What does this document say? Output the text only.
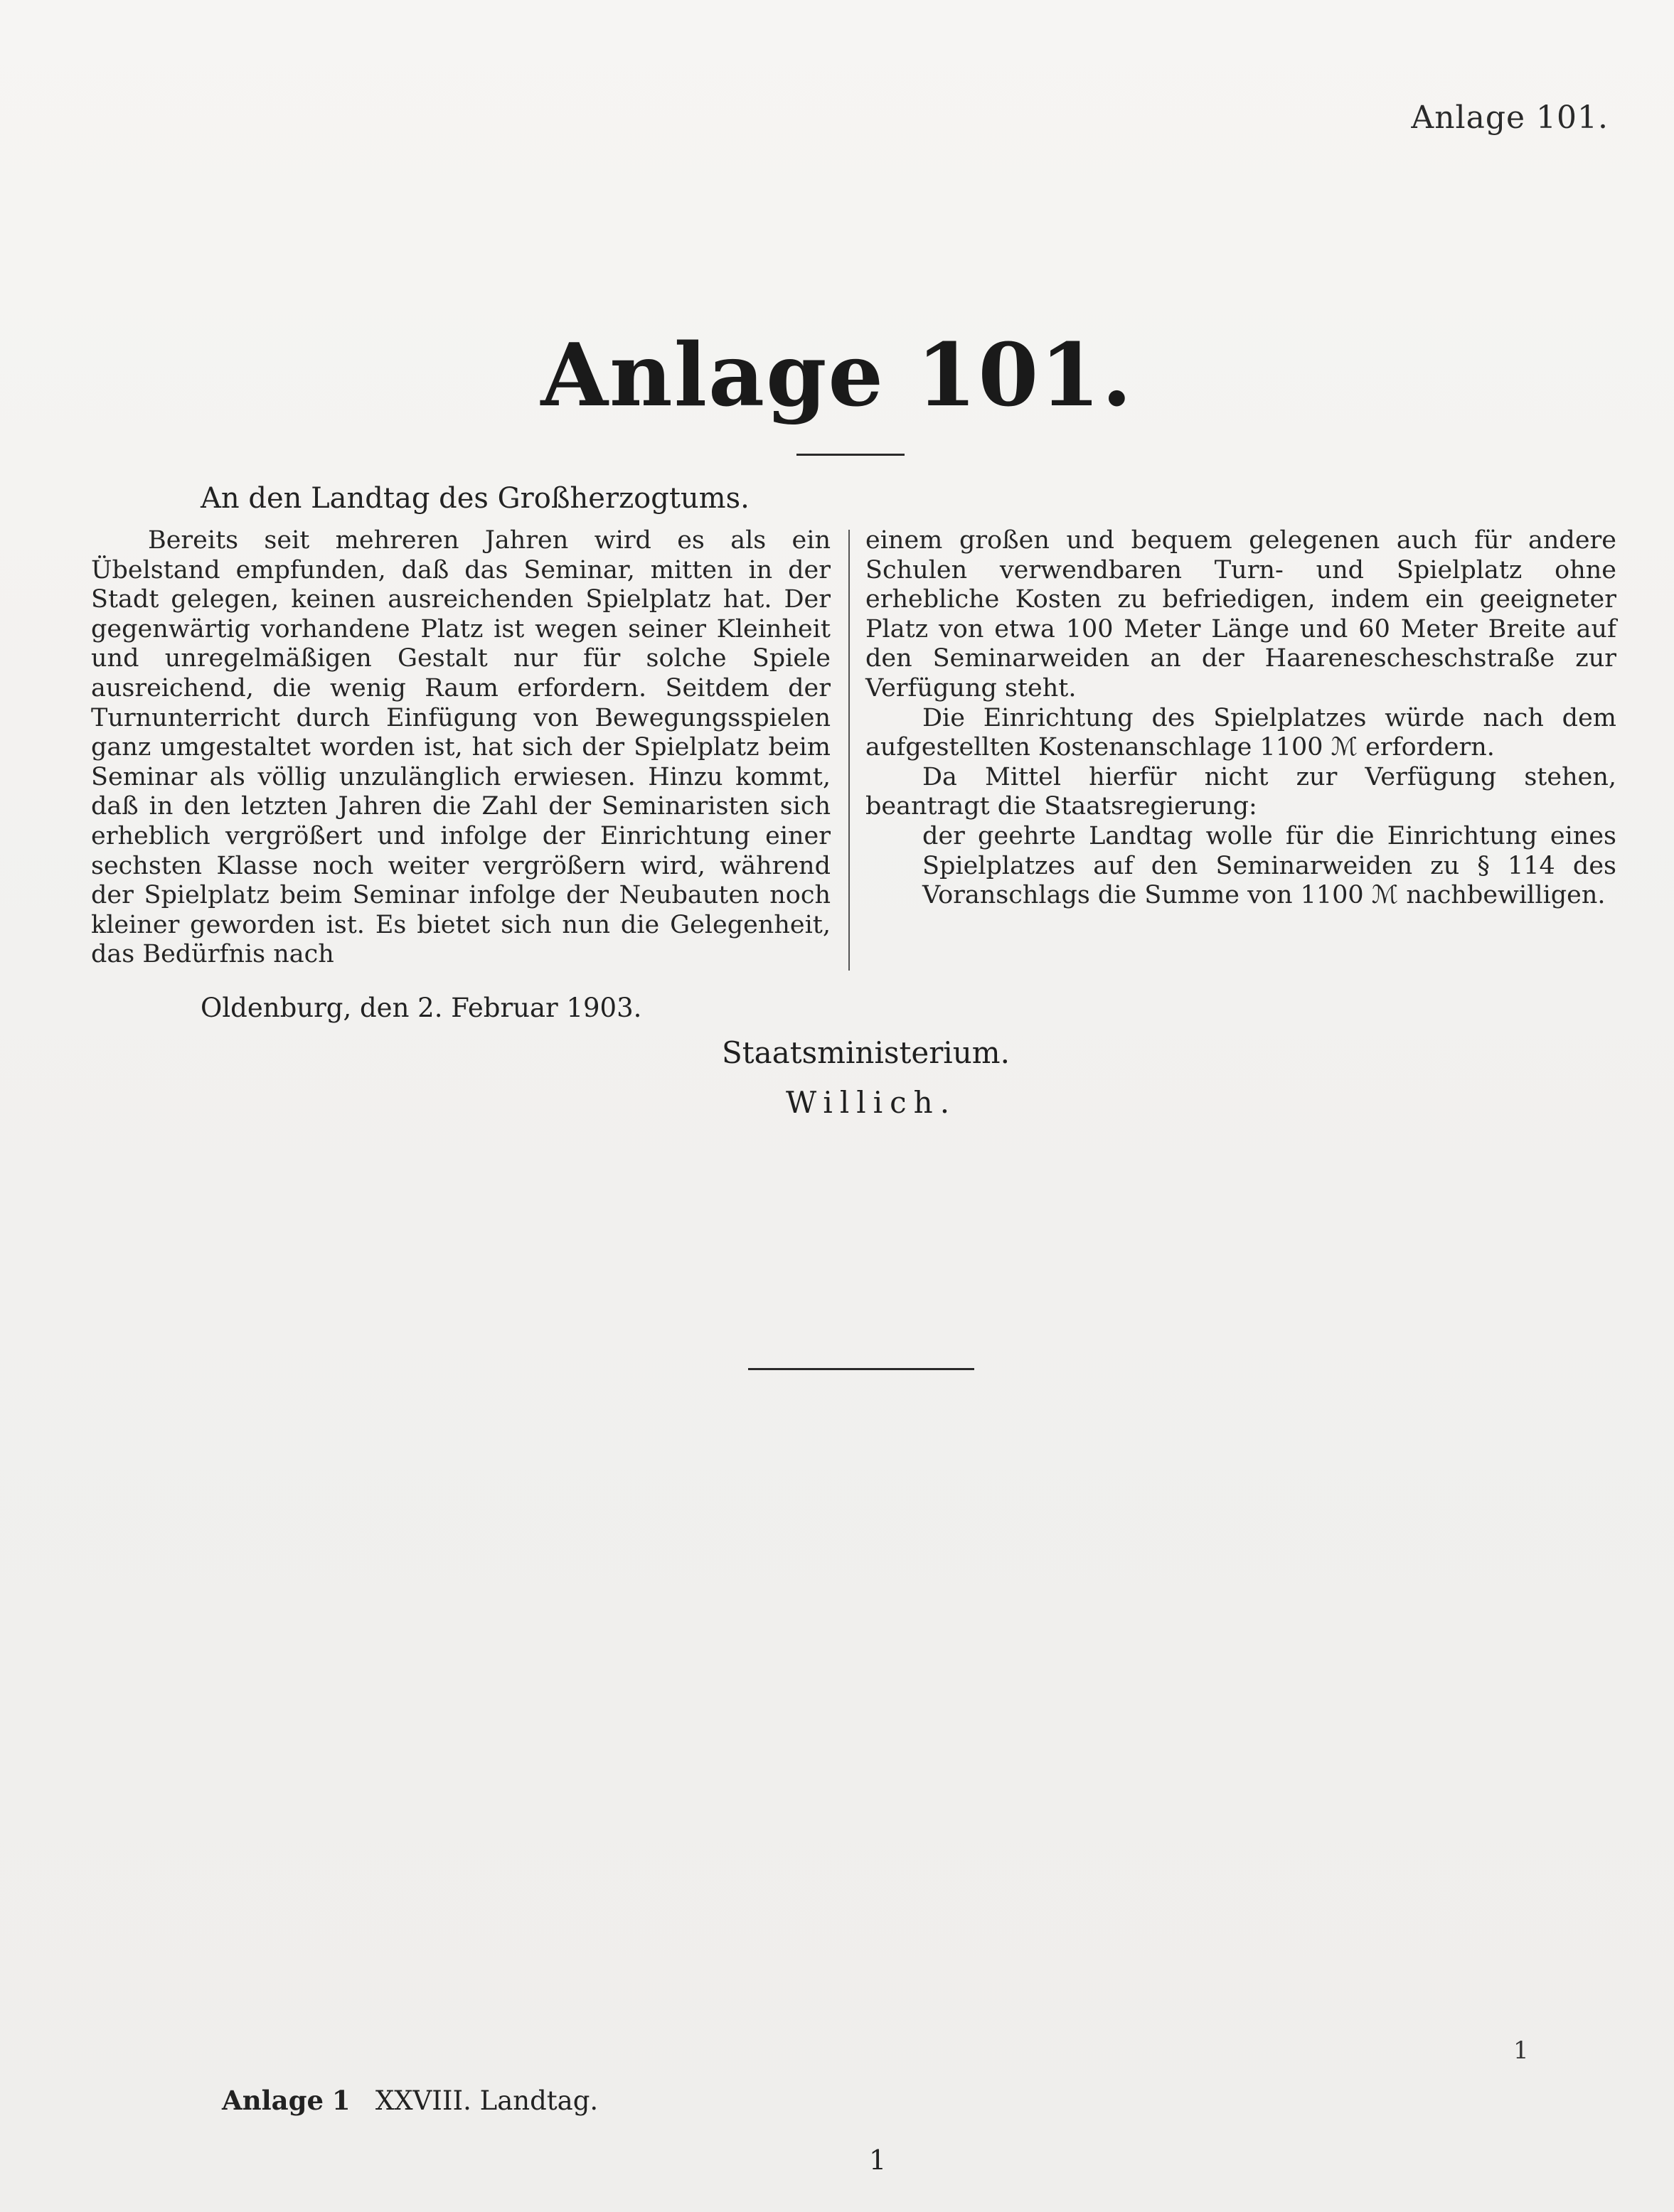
Anlage 101.
Anlage 101.
An den Landtag des Großherzogtums.
Bereits seit mehreren Jahren wird es als ein Übelstand empfunden, daß das Seminar, mitten in der Stadt gelegen, keinen ausreichenden Spielplatz hat. Der gegenwärtig vorhandene Platz ist wegen seiner Kleinheit und unregelmäßigen Gestalt nur für solche Spiele ausreichend, die wenig Raum erfordern. Seitdem der Turnunterricht durch Einfügung von Bewegungsspielen ganz umgestaltet worden ist, hat sich der Spielplatz beim Seminar als völlig unzulänglich erwiesen. Hinzu kommt, daß in den letzten Jahren die Zahl der Seminaristen sich erheblich vergrößert und infolge der Einrichtung einer sechsten Klasse noch weiter vergrößern wird, während der Spielplatz beim Seminar infolge der Neubauten noch kleiner geworden ist. Es bietet sich nun die Gelegenheit, das Bedürfnis nach

einem großen und bequem gelegenen auch für andere Schulen verwendbaren Turn- und Spielplatz ohne erhebliche Kosten zu befriedigen, indem ein geeigneter Platz von etwa 100 Meter Länge und 60 Meter Breite auf den Seminarweiden an der Haarenescheschstraße zur Verfügung steht.

Die Einrichtung des Spielplatzes würde nach dem aufgestellten Kostenanschlage 1100 ℳ erfordern.

Da Mittel hierfür nicht zur Verfügung stehen, beantragt die Staatsregierung:

der geehrte Landtag wolle für die Einrichtung eines Spielplatzes auf den Seminarweiden zu § 114 des Voranschlags die Summe von 1100 ℳ nachbewilligen.

Oldenburg, den 2. Februar 1903.
Staatsministerium.
Willich.
Anlage 1 XXVIII. Landtag.
1
1
